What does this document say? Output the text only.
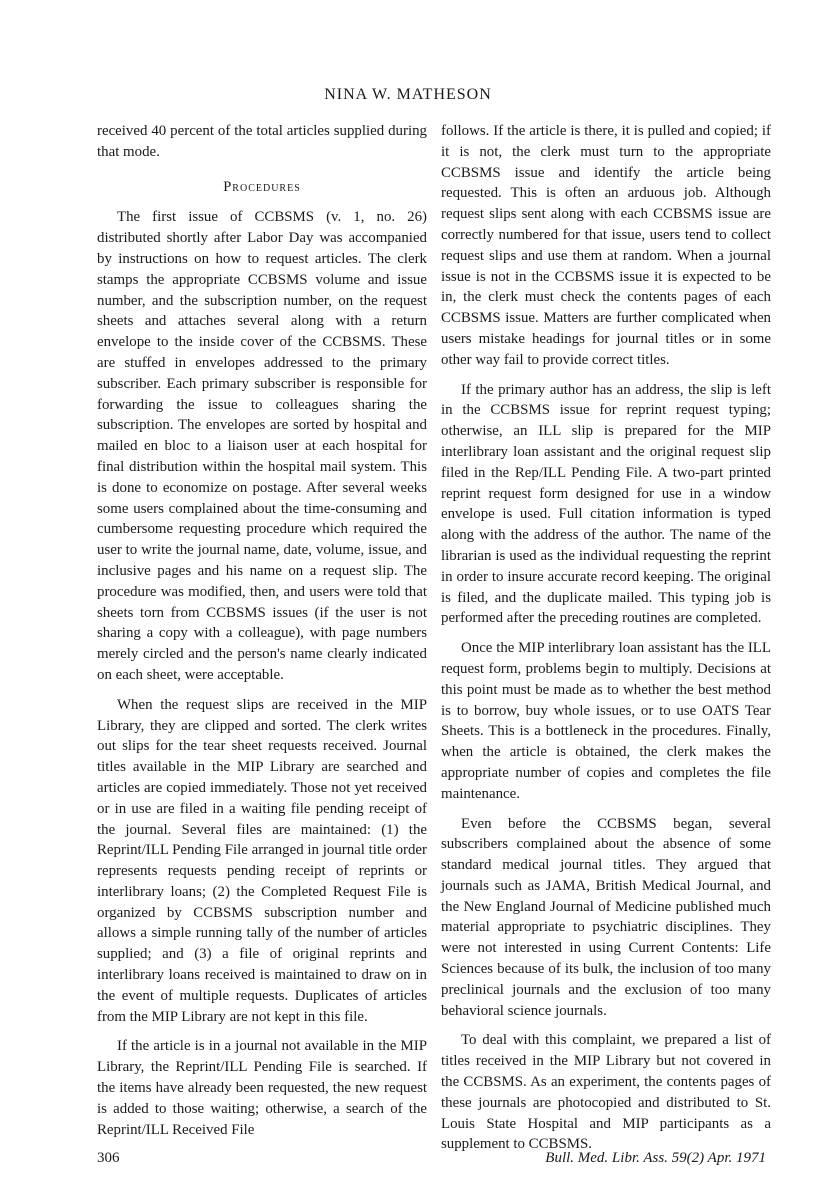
NINA W. MATHESON

received 40 percent of the total articles supplied during that mode.

Procedures

The first issue of CCBSMS (v. 1, no. 26) distributed shortly after Labor Day was accompanied by instructions on how to request articles. The clerk stamps the appropriate CCBSMS volume and issue number, and the subscription number, on the request sheets and attaches several along with a return envelope to the inside cover of the CCBSMS. These are stuffed in envelopes addressed to the primary subscriber. Each primary subscriber is responsible for forwarding the issue to colleagues sharing the subscription. The envelopes are sorted by hospital and mailed en bloc to a liaison user at each hospital for final distribution within the hospital mail system. This is done to economize on postage. After several weeks some users complained about the time-consuming and cumbersome requesting procedure which required the user to write the journal name, date, volume, issue, and inclusive pages and his name on a request slip. The procedure was modified, then, and users were told that sheets torn from CCBSMS issues (if the user is not sharing a copy with a colleague), with page numbers merely circled and the person's name clearly indicated on each sheet, were acceptable.

When the request slips are received in the MIP Library, they are clipped and sorted. The clerk writes out slips for the tear sheet requests received. Journal titles available in the MIP Library are searched and articles are copied immediately. Those not yet received or in use are filed in a waiting file pending receipt of the journal. Several files are maintained: (1) the Reprint/ILL Pending File arranged in journal title order represents requests pending receipt of reprints or interlibrary loans; (2) the Completed Request File is organized by CCBSMS subscription number and allows a simple running tally of the number of articles supplied; and (3) a file of original reprints and interlibrary loans received is maintained to draw on in the event of multiple requests. Duplicates of articles from the MIP Library are not kept in this file.

If the article is in a journal not available in the MIP Library, the Reprint/ILL Pending File is searched. If the items have already been requested, the new request is added to those waiting; otherwise, a search of the Reprint/ILL Received File

follows. If the article is there, it is pulled and copied; if it is not, the clerk must turn to the appropriate CCBSMS issue and identify the article being requested. This is often an arduous job. Although request slips sent along with each CCBSMS issue are correctly numbered for that issue, users tend to collect request slips and use them at random. When a journal issue is not in the CCBSMS issue it is expected to be in, the clerk must check the contents pages of each CCBSMS issue. Matters are further complicated when users mistake headings for journal titles or in some other way fail to provide correct titles.

If the primary author has an address, the slip is left in the CCBSMS issue for reprint request typing; otherwise, an ILL slip is prepared for the MIP interlibrary loan assistant and the original request slip filed in the Rep/ILL Pending File. A two-part printed reprint request form designed for use in a window envelope is used. Full citation information is typed along with the address of the author. The name of the librarian is used as the individual requesting the reprint in order to insure accurate record keeping. The original is filed, and the duplicate mailed. This typing job is performed after the preceding routines are completed.

Once the MIP interlibrary loan assistant has the ILL request form, problems begin to multiply. Decisions at this point must be made as to whether the best method is to borrow, buy whole issues, or to use OATS Tear Sheets. This is a bottleneck in the procedures. Finally, when the article is obtained, the clerk makes the appropriate number of copies and completes the file maintenance.

Even before the CCBSMS began, several subscribers complained about the absence of some standard medical journal titles. They argued that journals such as JAMA, British Medical Journal, and the New England Journal of Medicine published much material appropriate to psychiatric disciplines. They were not interested in using Current Contents: Life Sciences because of its bulk, the inclusion of too many preclinical journals and the exclusion of too many behavioral science journals.

To deal with this complaint, we prepared a list of titles received in the MIP Library but not covered in the CCBSMS. As an experiment, the contents pages of these journals are photocopied and distributed to St. Louis State Hospital and MIP participants as a supplement to CCBSMS.

306	Bull. Med. Libr. Ass. 59(2) Apr. 1971
